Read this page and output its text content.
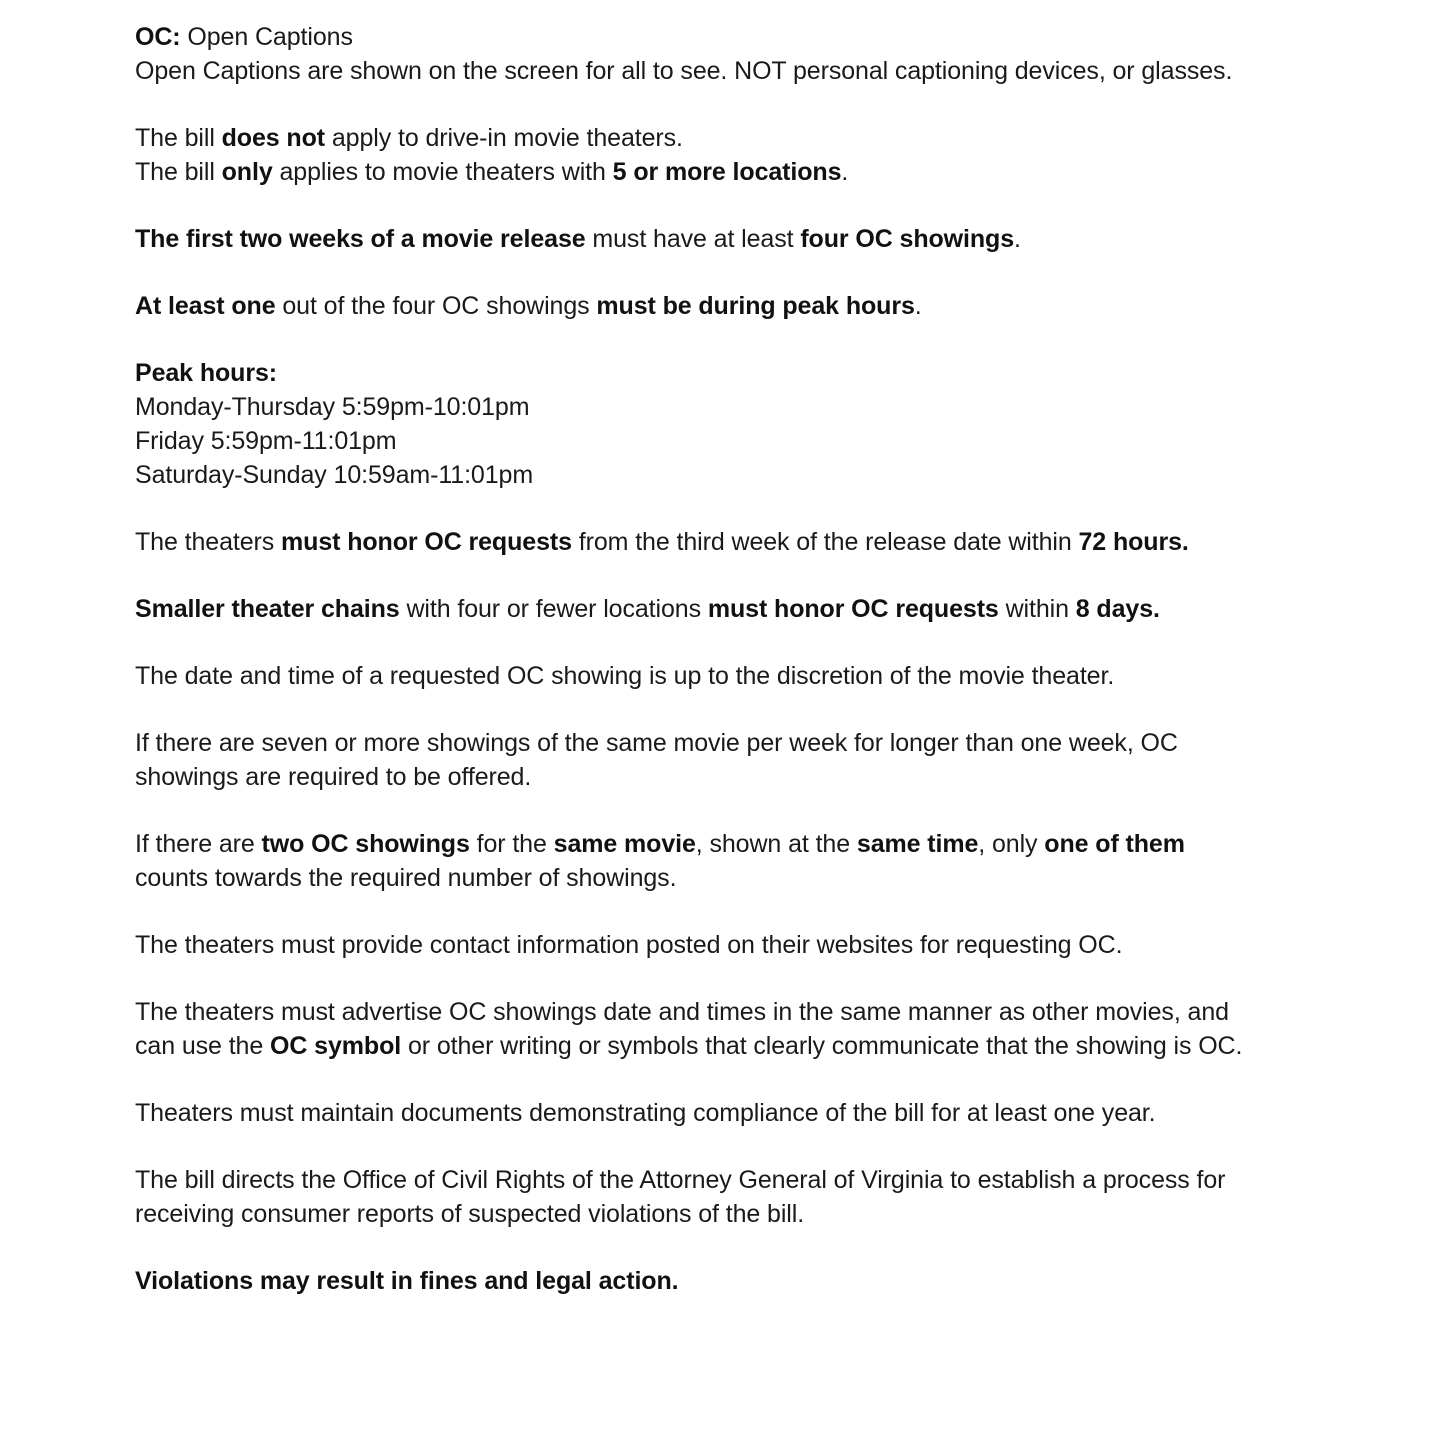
OC: Open Captions
Open Captions are shown on the screen for all to see. NOT personal captioning devices, or glasses.

The bill does not apply to drive-in movie theaters.
The bill only applies to movie theaters with 5 or more locations.

The first two weeks of a movie release must have at least four OC showings.

At least one out of the four OC showings must be during peak hours.

Peak hours:
Monday-Thursday 5:59pm-10:01pm
Friday 5:59pm-11:01pm
Saturday-Sunday 10:59am-11:01pm

The theaters must honor OC requests from the third week of the release date within 72 hours.

Smaller theater chains with four or fewer locations must honor OC requests within 8 days.

The date and time of a requested OC showing is up to the discretion of the movie theater.

If there are seven or more showings of the same movie per week for longer than one week, OC
showings are required to be offered.

If there are two OC showings for the same movie, shown at the same time, only one of them
counts towards the required number of showings.

The theaters must provide contact information posted on their websites for requesting OC.

The theaters must advertise OC showings date and times in the same manner as other movies, and
can use the OC symbol or other writing or symbols that clearly communicate that the showing is OC.

Theaters must maintain documents demonstrating compliance of the bill for at least one year.

The bill directs the Office of Civil Rights of the Attorney General of Virginia to establish a process for
receiving consumer reports of suspected violations of the bill.

Violations may result in fines and legal action.
